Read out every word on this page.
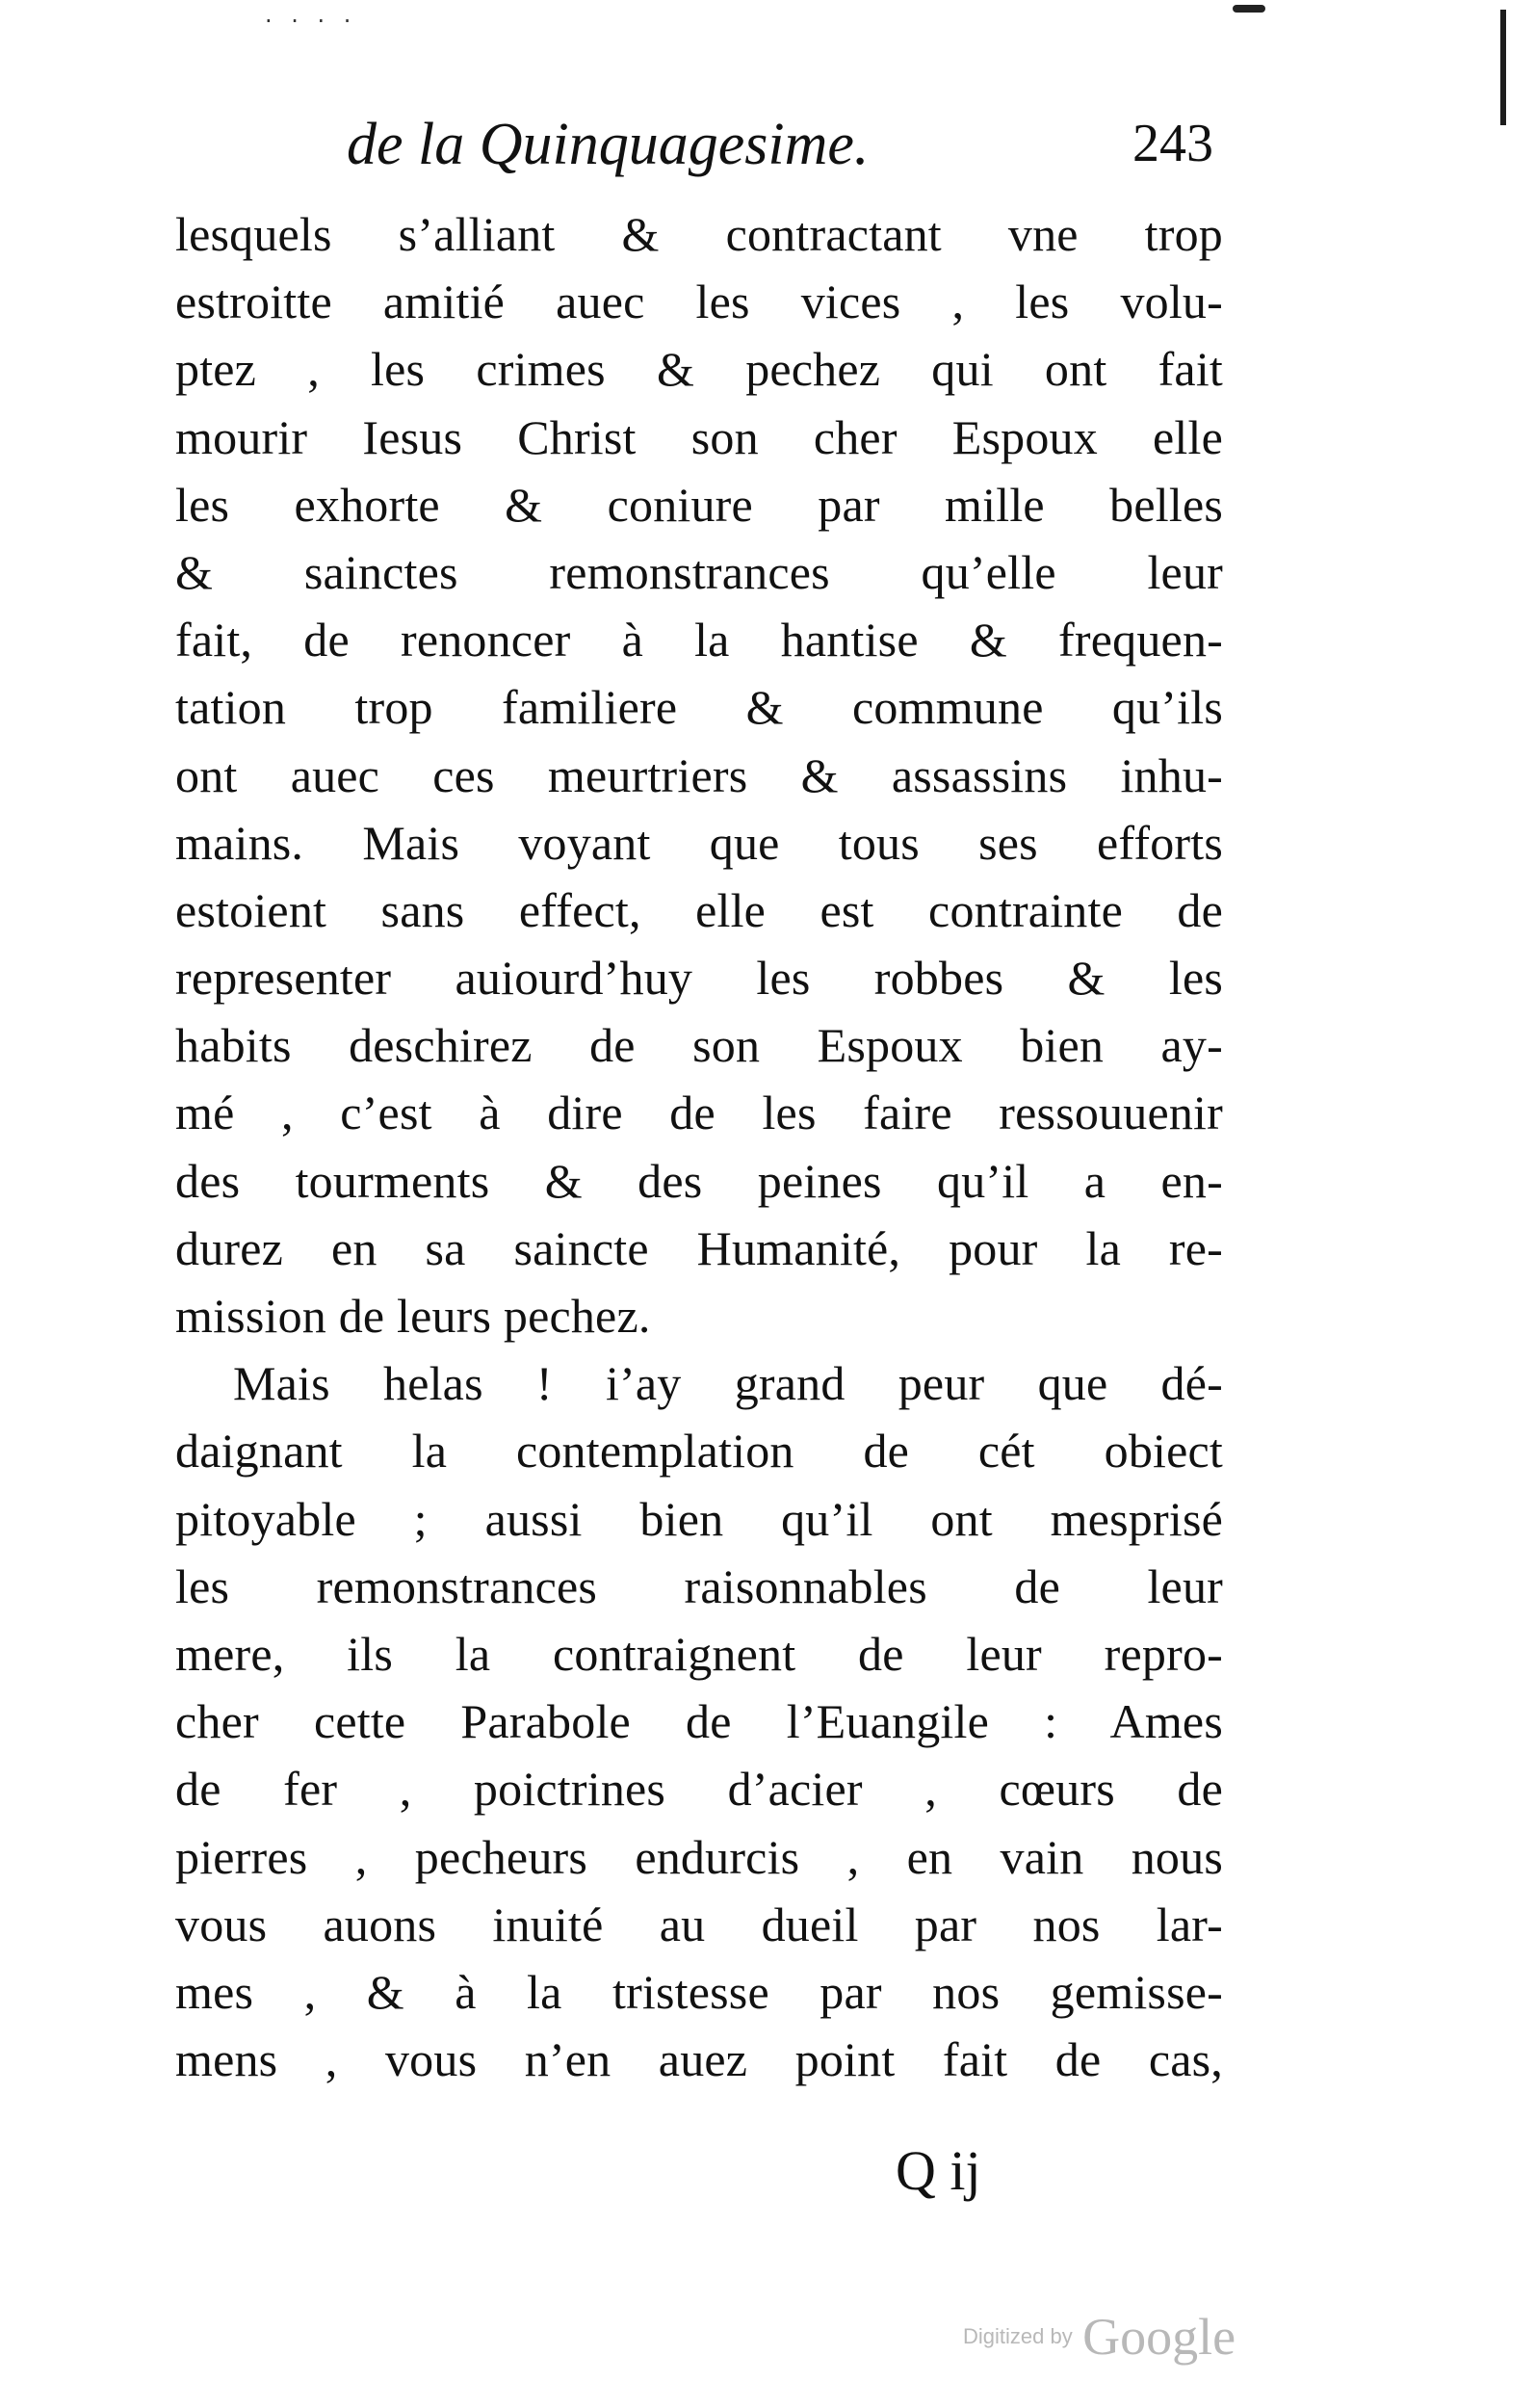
· · · ·
de la Quinquagesime.	243
lesquels s’alliant & contractant vne trop
estroitte amitié auec les vices , les volu-
ptez , les crimes & pechez qui ont fait
mourir Iesus Christ son cher Espoux elle
les exhorte & coniure par mille belles
& sainctes remonstrances qu’elle leur
fait, de renoncer à la hantise & frequen-
tation trop familiere & commune qu’ils
ont auec ces meurtriers & assassins inhu-
mains. Mais voyant que tous ses efforts
estoient sans effect, elle est contrainte de
representer auiourd’huy les robbes & les
habits deschirez de son Espoux bien ay-
mé , c’est à dire de les faire ressouuenir
des tourments & des peines qu’il a en-
durez en sa saincte Humanité, pour la re-
mission de leurs pechez.
Mais helas ! i’ay grand peur que dé-
daignant la contemplation de cét obiect
pitoyable ; aussi bien qu’il ont mesprisé
les remonstrances raisonnables de leur
mere, ils la contraignent de leur repro-
cher cette Parabole de l’Euangile : Ames
de fer , poictrines d’acier , cœurs de
pierres , pecheurs endurcis , en vain nous
vous auons inuité au dueil par nos lar-
mes , & à la tristesse par nos gemisse-
mens , vous n’en auez point fait de cas,
Q ij
Digitized by Google
